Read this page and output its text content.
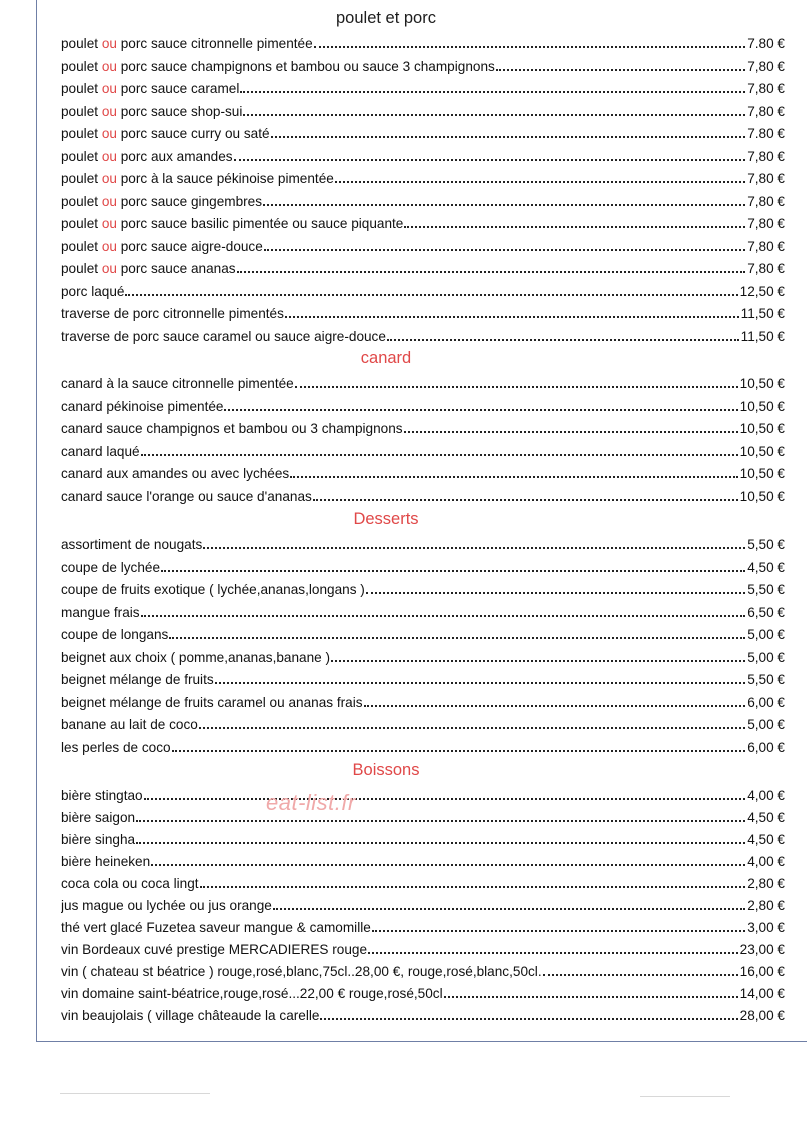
poulet et porc
poulet ou porc sauce citronnelle pimentée	7.80 €
poulet ou porc sauce champignons et bambou ou sauce 3 champignons	7,80 €
poulet ou porc sauce caramel	7,80 €
poulet ou porc sauce shop-sui	7,80 €
poulet ou porc sauce curry ou saté	7.80 €
poulet ou porc aux amandes	7,80 €
poulet ou porc à la sauce pékinoise pimentée	7,80 €
poulet ou porc sauce gingembres	7,80 €
poulet ou porc sauce basilic pimentée ou sauce piquante	7,80 €
poulet ou porc sauce aigre-douce	7,80 €
poulet ou porc sauce ananas	7,80 €
porc laqué	12,50 €
traverse de porc citronnelle pimentés	11,50 €
traverse de porc sauce caramel ou sauce aigre-douce	11,50 €
canard
canard à la sauce citronnelle pimentée	10,50 €
canard pékinoise pimentée	10,50 €
canard sauce champignos et bambou ou 3 champignons	10,50 €
canard laqué	10,50 €
canard aux amandes ou avec lychées	10,50 €
canard sauce l'orange ou sauce d'ananas	10,50 €
Desserts
assortiment de nougats	5,50 €
coupe de lychée	4,50 €
coupe de fruits exotique ( lychée,ananas,longans )	5,50 €
mangue frais	6,50 €
coupe de longans	5,00 €
beignet aux choix ( pomme,ananas,banane )	5,00 €
beignet mélange de fruits	5,50 €
beignet mélange de fruits caramel ou ananas frais	6,00 €
banane au lait de coco	5,00 €
les perles de coco	6,00 €
Boissons
bière stingtao	4,00 €
bière saigon	4,50 €
bière singha	4,50 €
bière heineken	4,00 €
coca cola ou coca lingt	2,80 €
jus mague ou lychée ou jus orange	2,80 €
thé vert glacé Fuzetea saveur mangue & camomille	3,00 €
vin Bordeaux cuvé prestige MERCADIERES rouge	23,00 €
vin ( chateau st béatrice ) rouge,rosé,blanc,75cl..28,00 €, rouge,rosé,blanc,50cl.	16,00 €
vin domaine saint-béatrice,rouge,rosé...22,00 € rouge,rosé,50cl	14,00 €
vin beaujolais ( village châteaude la carelle	28,00 €
eat-list.fr
